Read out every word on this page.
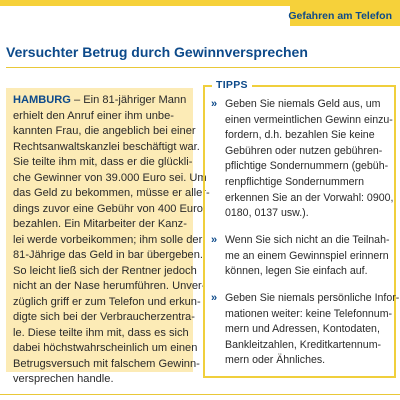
Gefahren am Telefon
Versuchter Betrug durch Gewinnversprechen

HAMBURG – Ein 81-jähriger Mann
erhielt den Anruf einer ihm unbe-
kannten Frau, die angeblich bei einer
Rechtsanwaltskanzlei beschäftigt war.
Sie teilte ihm mit, dass er die glückli-
che Gewinner von 39.000 Euro sei. Um
das Geld zu bekommen, müsse er aller-
dings zuvor eine Gebühr von 400 Euro
bezahlen. Ein Mitarbeiter der Kanz-
lei werde vorbeikommen; ihm solle der
81-Jährige das Geld in bar übergeben.
So leicht ließ sich der Rentner jedoch
nicht an der Nase herumführen. Unver-
züglich griff er zum Telefon und erkun-
digte sich bei der Verbraucherzentra-
le. Diese teilte ihm mit, dass es sich
dabei höchstwahrscheinlich um einen
Betrugsversuch mit falschem Gewinn-
versprechen handle.

TIPPS
» Geben Sie niemals Geld aus, um
einen vermeintlichen Gewinn einzu-
fordern, d.h. bezahlen Sie keine
Gebühren oder nutzen gebühren-
pflichtige Sondernummern (gebüh-
renpflichtige Sondernummern
erkennen Sie an der Vorwahl: 0900,
0180, 0137 usw.).
» Wenn Sie sich nicht an die Teilnah-
me an einem Gewinnspiel erinnern
können, legen Sie einfach auf.
» Geben Sie niemals persönliche Infor-
mationen weiter: keine Telefonnum-
mern und Adressen, Kontodaten,
Bankleitzahlen, Kreditkartennum-
mern oder Ähnliches.
